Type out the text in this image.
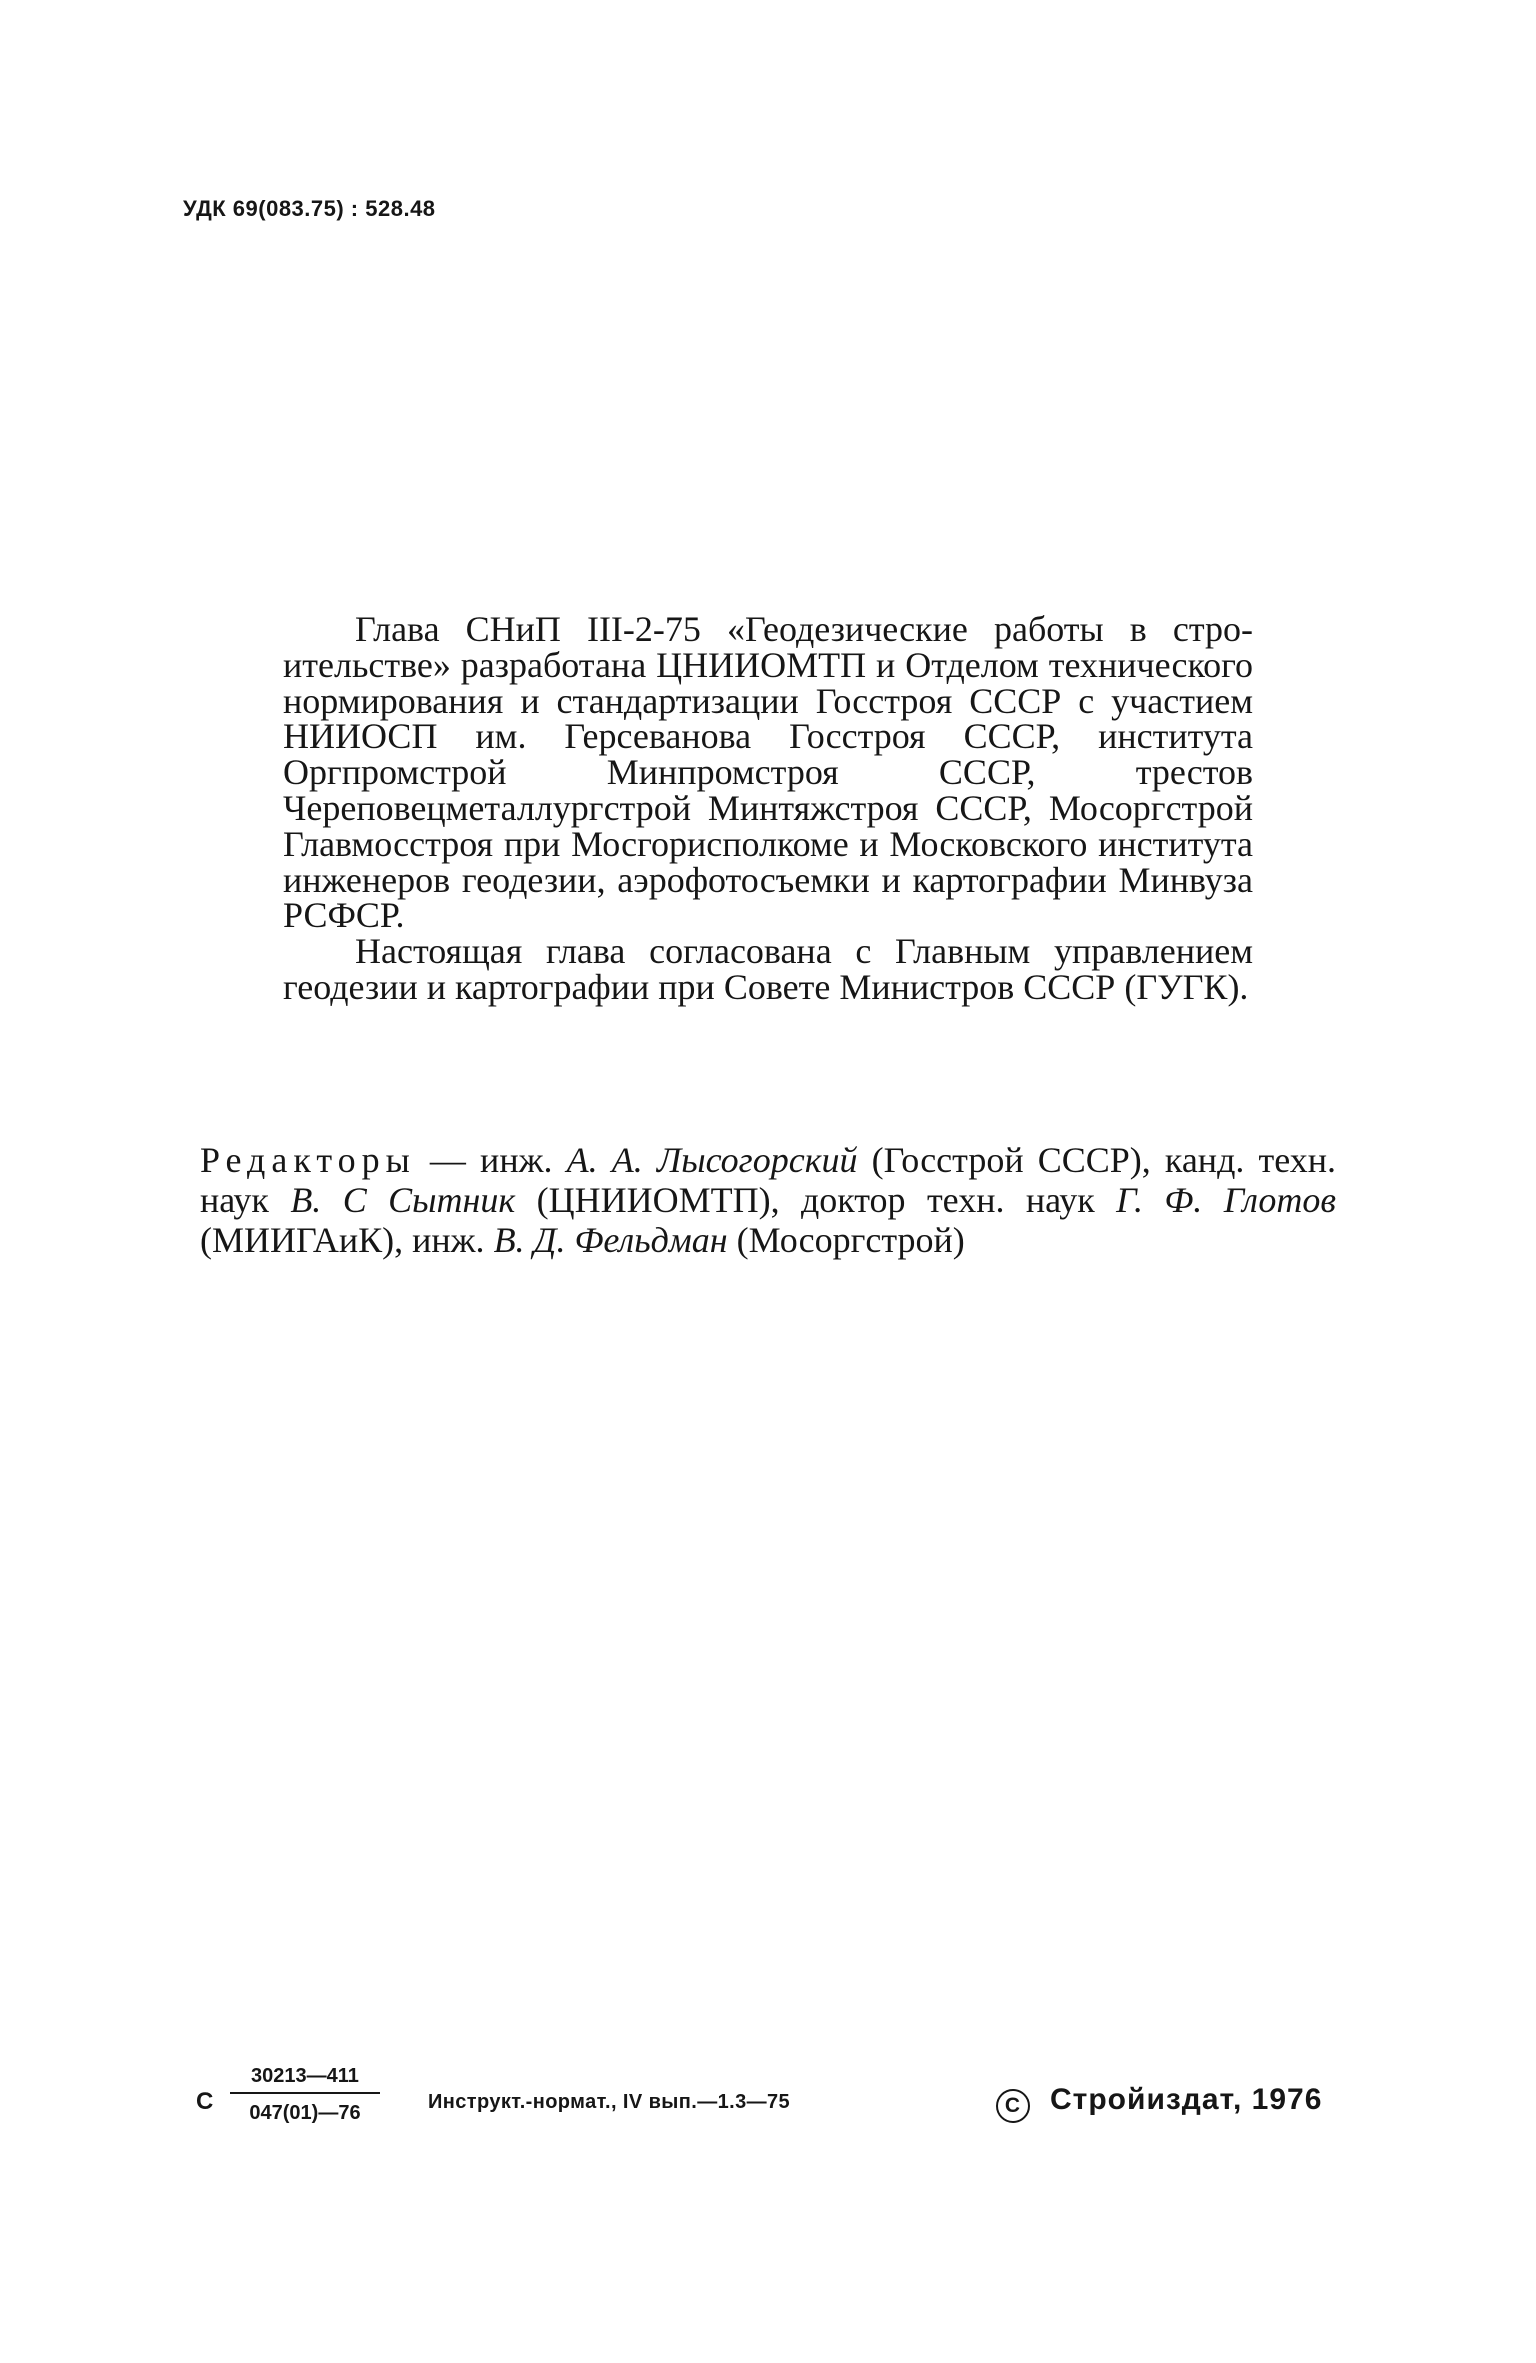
УДК 69(083.75) : 528.48

Глава СНиП III-2-75 «Геодезические работы в строительстве» разработана ЦНИИОМТП и Отделом технического нормирования и стандартизации Госстроя СССР с участием НИИОСП им. Герсеванова Госстроя СССР, института Оргпромстрой Минпромстроя СССР, трестов Череповецметаллургстрой Минтяжстроя СССР, Мосоргстрой Главмосстроя при Мосгорисполкоме и Московского института инженеров геодезии, аэрофотосъемки и картографии Минвуза РСФСР.

Настоящая глава согласована с Главным управлением геодезии и картографии при Совете Министров СССР (ГУГК).

Редакторы — инж. А. А. Лысогорский (Госстрой СССР), канд. техн. наук В. С Сытник (ЦНИИОМТП), доктор техн. наук Г. Ф. Глотов (МИИГАиК), инж. В. Д. Фельдман (Мосоргстрой)
С $\frac{30213—411}{047(01)—76}$ Инструкт.-нормат., IV вып.—1.3—75	C Стройиздат, 1976
